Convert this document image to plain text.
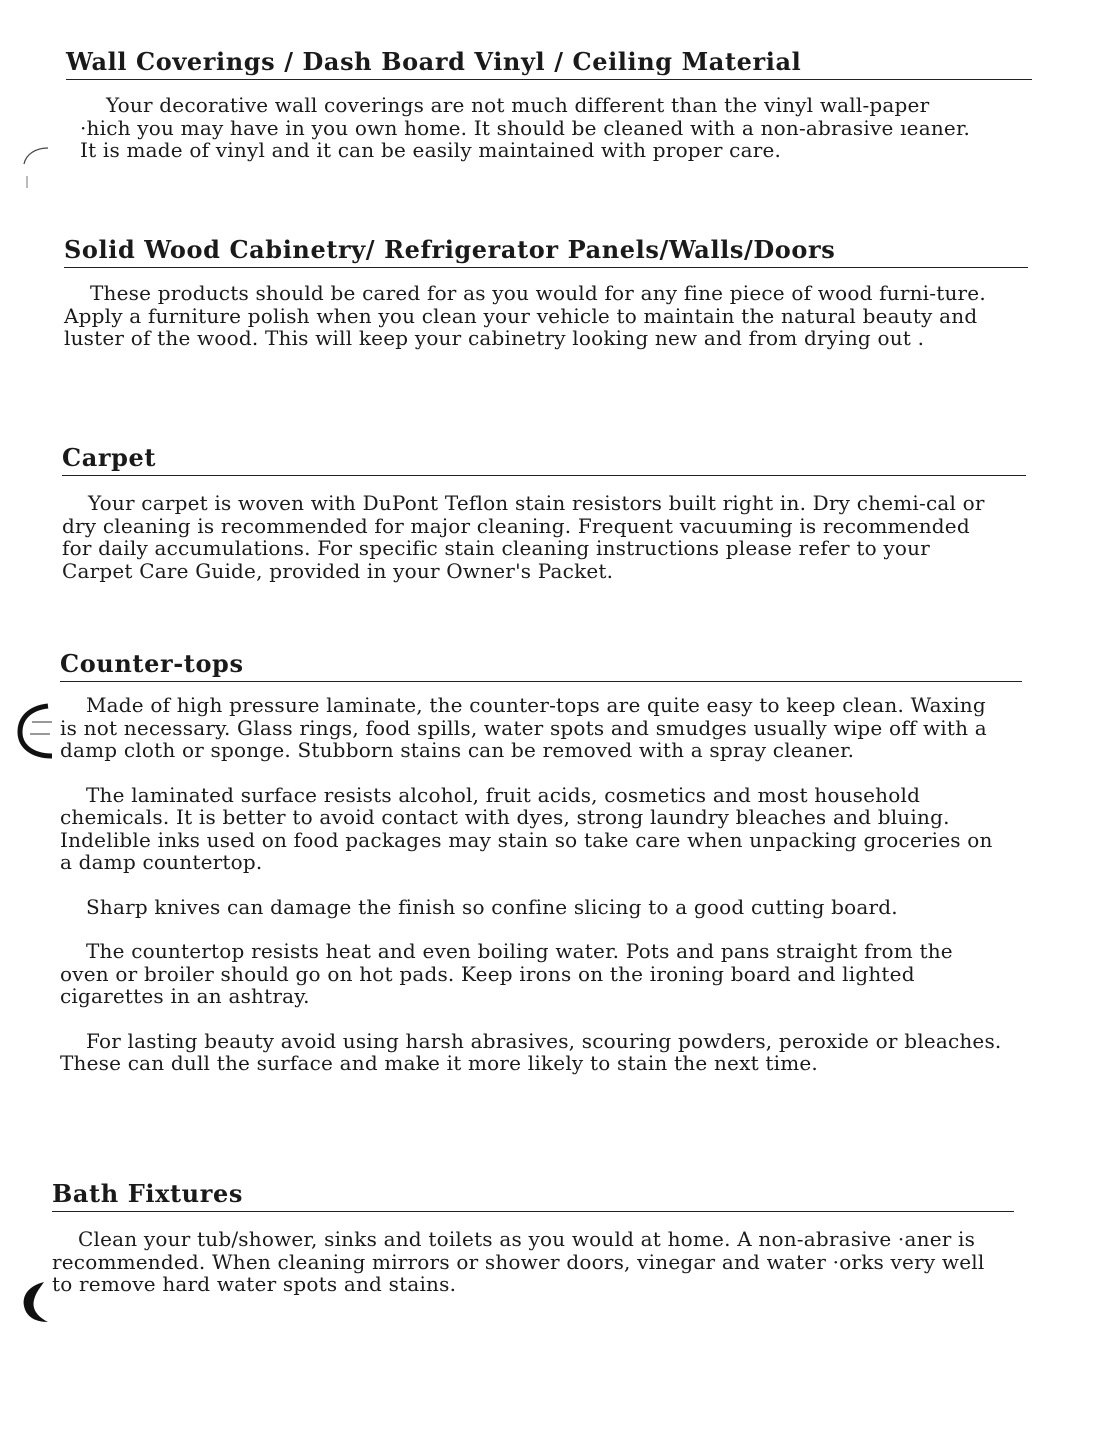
Wall Coverings / Dash Board Vinyl / Ceiling Material

Your decorative wall coverings are not much different than the vinyl wall-paper ·hich you may have in you own home. It should be cleaned with a non-abrasive ıeaner. It is made of vinyl and it can be easily maintained with proper care.

Solid Wood Cabinetry/ Refrigerator Panels/Walls/Doors

These products should be cared for as you would for any fine piece of wood furni-ture. Apply a furniture polish when you clean your vehicle to maintain the natural beauty and luster of the wood. This will keep your cabinetry looking new and from drying out .

Carpet

Your carpet is woven with DuPont Teflon stain resistors built right in. Dry chemi-cal or dry cleaning is recommended for major cleaning. Frequent vacuuming is recommended for daily accumulations. For specific stain cleaning instructions please refer to your Carpet Care Guide, provided in your Owner's Packet.

Counter-tops

Made of high pressure laminate, the counter-tops are quite easy to keep clean. Waxing is not necessary. Glass rings, food spills, water spots and smudges usually wipe off with a damp cloth or sponge. Stubborn stains can be removed with a spray cleaner.

The laminated surface resists alcohol, fruit acids, cosmetics and most household chemicals. It is better to avoid contact with dyes, strong laundry bleaches and bluing. Indelible inks used on food packages may stain so take care when unpacking groceries on a damp countertop.

Sharp knives can damage the finish so confine slicing to a good cutting board.

The countertop resists heat and even boiling water. Pots and pans straight from the oven or broiler should go on hot pads. Keep irons on the ironing board and lighted cigarettes in an ashtray.

For lasting beauty avoid using harsh abrasives, scouring powders, peroxide or bleaches. These can dull the surface and make it more likely to stain the next time.

Bath Fixtures

Clean your tub/shower, sinks and toilets as you would at home. A non-abrasive ·aner is recommended. When cleaning mirrors or shower doors, vinegar and water ·orks very well to remove hard water spots and stains.
